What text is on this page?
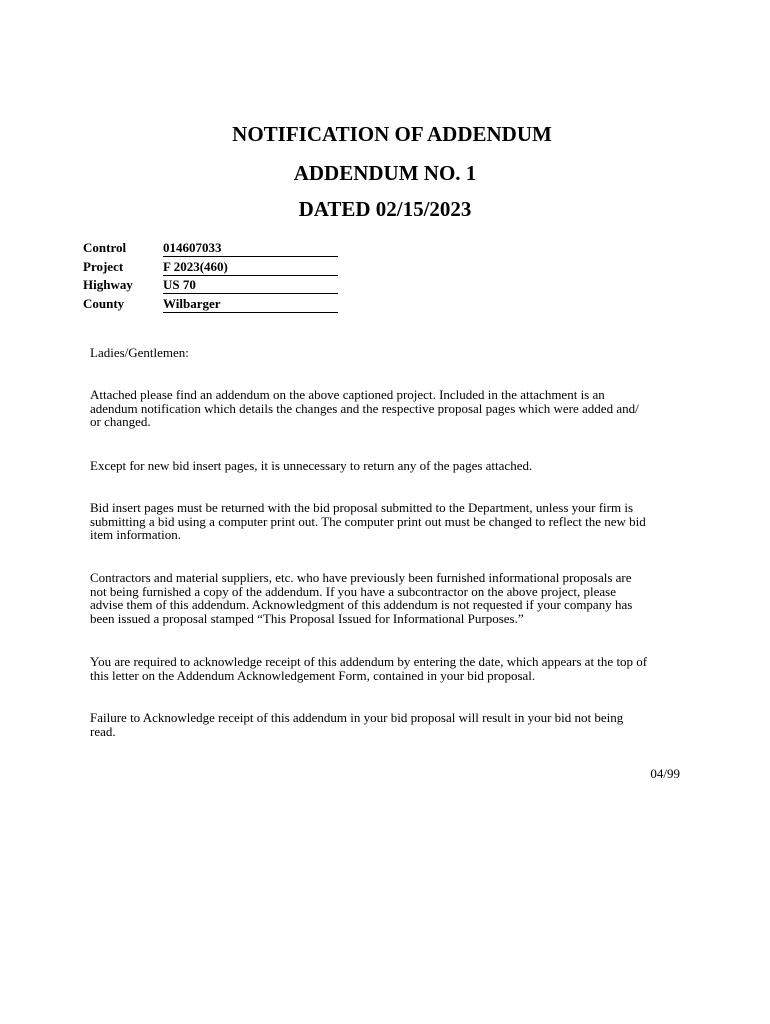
NOTIFICATION OF ADDENDUM
ADDENDUM NO. 1
DATED 02/15/2023
Control	014607033
Project	F 2023(460)
Highway	US 70
County	Wilbarger
Ladies/Gentlemen:
Attached please find an addendum on the above captioned project. Included in the attachment is an
adendum notification which details the changes and the respective proposal pages which were added and/
or changed.
Except for new bid insert pages, it is unnecessary to return any of the pages attached.
Bid insert pages must be returned with the bid proposal submitted to the Department, unless your firm is
submitting a bid using a computer print out. The computer print out must be changed to reflect the new bid
item information.
Contractors and material suppliers, etc. who have previously been furnished informational proposals are
not being furnished a copy of the addendum. If you have a subcontractor on the above project, please
advise them of this addendum. Acknowledgment of this addendum is not requested if your company has
been issued a proposal stamped “This Proposal Issued for Informational Purposes.”
You are required to acknowledge receipt of this addendum by entering the date, which appears at the top of
this letter on the Addendum Acknowledgement Form, contained in your bid proposal.
Failure to Acknowledge receipt of this addendum in your bid proposal will result in your bid not being
read.
04/99
